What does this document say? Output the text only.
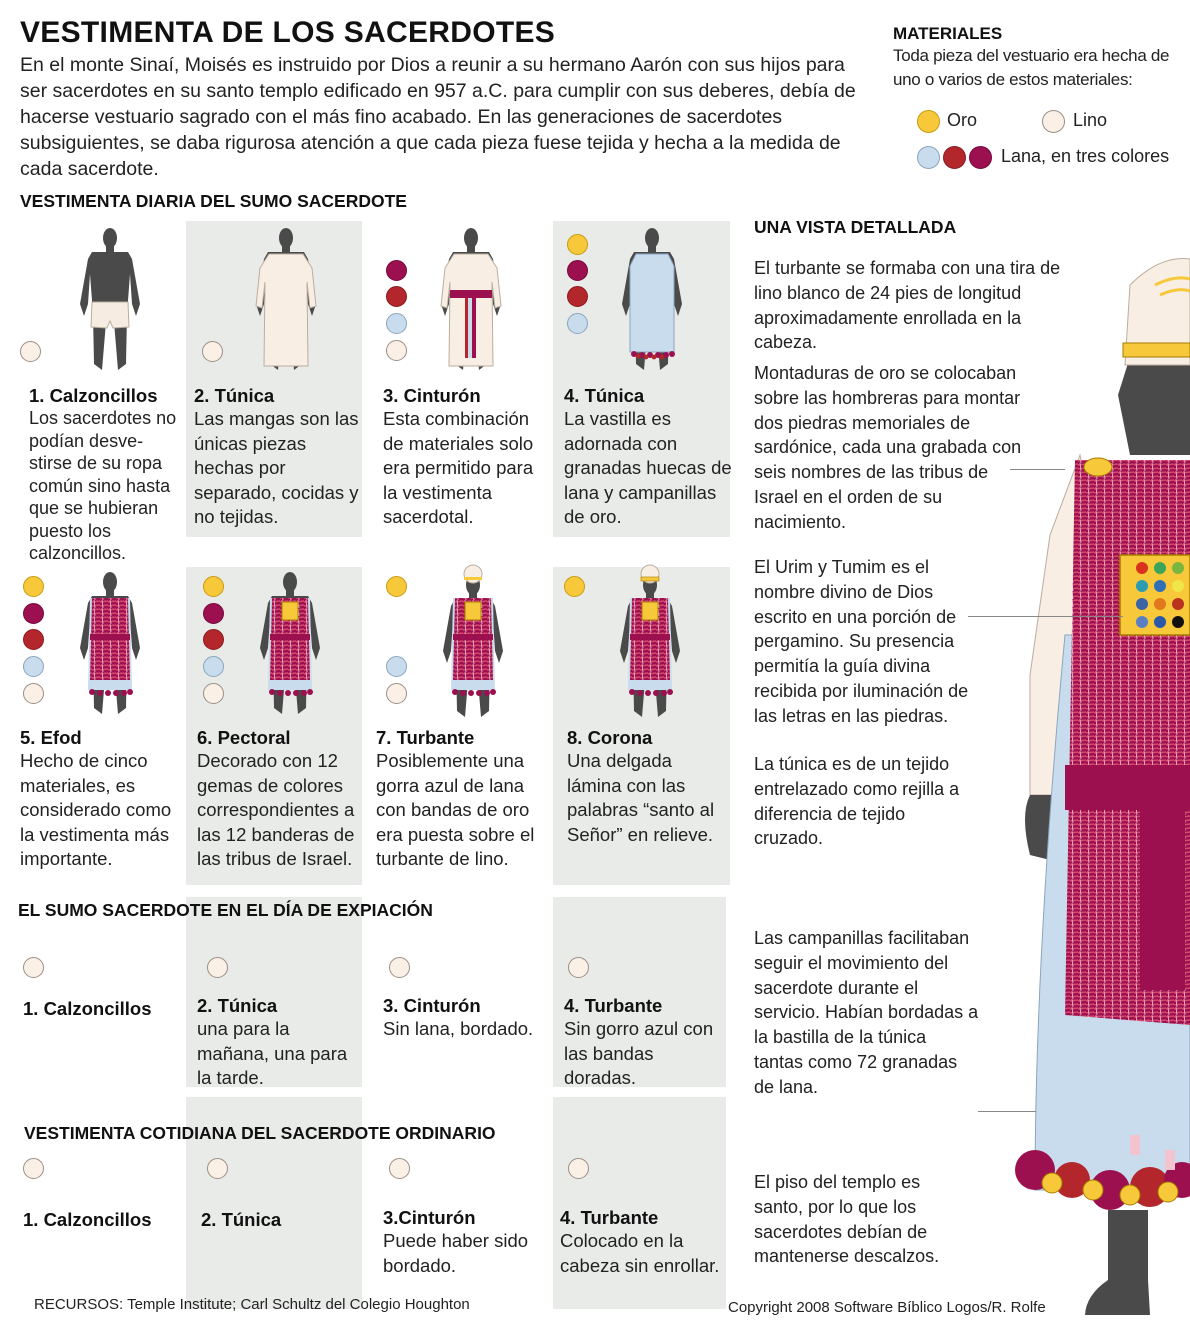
VESTIMENTA DE LOS SACERDOTES
En el monte Sinaí, Moisés es instruido por Dios a reunir a su hermano Aarón con sus hijos para ser sacerdotes en su santo templo edificado en 957 a.C. para cumplir con sus deberes, debía de hacerse vestuario sagrado con el más fino acabado. En las generaciones de sacerdotes subsiguientes, se daba rigurosa atención a que cada pieza fuese tejida y hecha a la medida de cada sacerdote.
MATERIALES
Toda pieza del vestuario era hecha de uno o varios de estos materiales:
Oro	Lino
Lana, en tres colores
VESTIMENTA DIARIA DEL SUMO SACERDOTE
1. Calzoncillos
Los sacerdotes no podían desve-stirse de su ropa común sino hasta que se hubieran puesto los calzoncillos.
2. Túnica
Las mangas son las únicas piezas hechas por separado, cocidas y no tejidas.
3. Cinturón
Esta combinación de materiales solo era permitido para la vestimenta sacerdotal.
4. Túnica
La vastilla es adornada con granadas huecas de lana y campanillas de oro.
5. Efod
Hecho de cinco materiales, es considerado como la vestimenta más importante.
6. Pectoral
Decorado con 12 gemas de colores correspondientes a las 12 banderas de las tribus de Israel.
7. Turbante
Posiblemente una gorra azul de lana con bandas de oro era puesta sobre el turbante de lino.
8. Corona
Una delgada lámina con las palabras “santo al Señor” en relieve.
EL SUMO SACERDOTE EN EL DÍA DE EXPIACIÓN
1. Calzoncillos	2. Túnica
una para la mañana, una para la tarde.
3. Cinturón
Sin lana, bordado.
4. Turbante
Sin gorro azul con las bandas doradas.
VESTIMENTA COTIDIANA DEL SACERDOTE ORDINARIO
1. Calzoncillos	2. Túnica	3.Cinturón
Puede haber sido bordado.
4. Turbante
Colocado en la cabeza sin enrollar.
UNA VISTA DETALLADA
El turbante se formaba con una tira de lino blanco de 24 pies de longitud aproximadamente enrollada en la cabeza.
Montaduras de oro se colocaban sobre las hombreras para montar dos piedras memoriales de sardónice, cada una grabada con seis nombres de las tribus de Israel en el orden de su nacimiento.
El Urim y Tumim es el nombre divino de Dios escrito en una porción de pergamino. Su presencia permitía la guía divina recibida por iluminación de las letras en las piedras.
La túnica es de un tejido entrelazado como rejilla a diferencia de tejido cruzado.
Las campanillas facilitaban seguir el movimiento del sacerdote durante el servicio. Habían bordadas a la bastilla de la túnica tantas como 72 granadas de lana.
El piso del templo es santo, por lo que los sacerdotes debían de mantenerse descalzos.
RECURSOS: Temple Institute; Carl Schultz del Colegio Houghton	Copyright 2008 Software Bíblico Logos/R. Rolfe
